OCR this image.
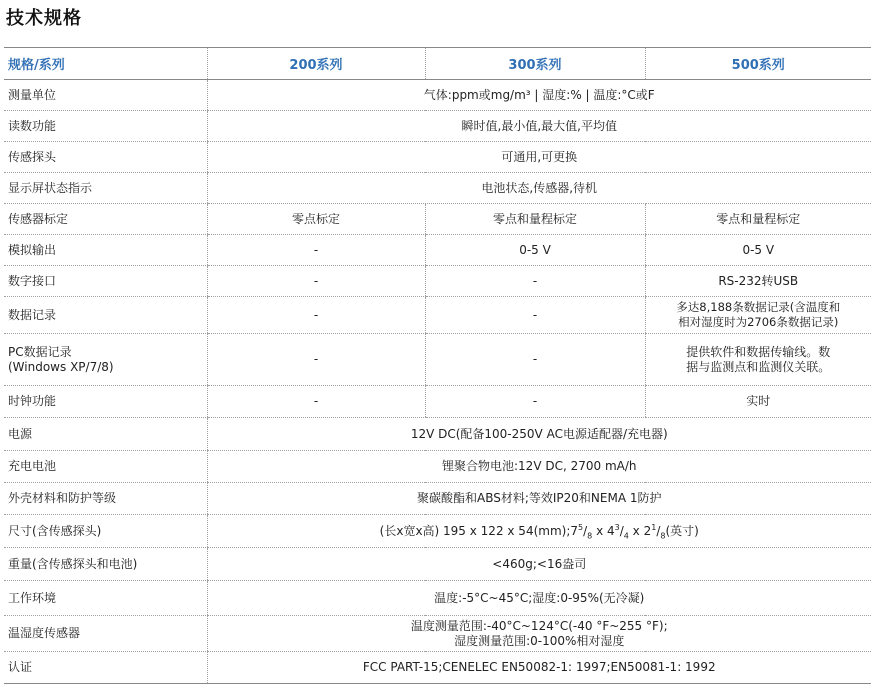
技术规格
规格/系列	200系列	300系列	500系列
测量单位	气体:ppm或mg/m³ | 湿度:% | 温度:°C或F		
读数功能	瞬时值,最小值,最大值,平均值		
传感探头	可通用,可更换		
显示屏状态指示	电池状态,传感器,待机		
传感器标定	零点标定	零点和量程标定	零点和量程标定
模拟输出	-	0-5 V	0-5 V
数字接口	-	-	RS-232转USB
数据记录	-	-	多达8,188条数据记录(含温度和
相对湿度时为2706条数据记录)
PC数据记录
(Windows XP/7/8)	-	-	提供软件和数据传输线。数
据与监测点和监测仪关联。
时钟功能	-	-	实时
电源	12V DC(配备100-250V AC电源适配器/充电器)		
充电电池	锂聚合物电池:12V DC, 2700 mA/h		
外壳材料和防护等级	聚碳酸酯和ABS材料;等效IP20和NEMA 1防护		
尺寸(含传感探头)	(长x宽x高) 195 x 122 x $54(mm);7^5/_8$ x $4^3/_4$ x $2^1/_8$(英寸)		
重量(含传感探头和电池)	<460g;<16盎司		
工作环境	温度:-5°C~45°C;湿度:0-95%(无冷凝)		
温湿度传感器	温度测量范围:-40°C~124°C(-40 °F~255 °F);
湿度测量范围:0-100%相对湿度		
认证	FCC PART-15;CENELEC EN50082-1: 1997;EN50081-1: 1992		
